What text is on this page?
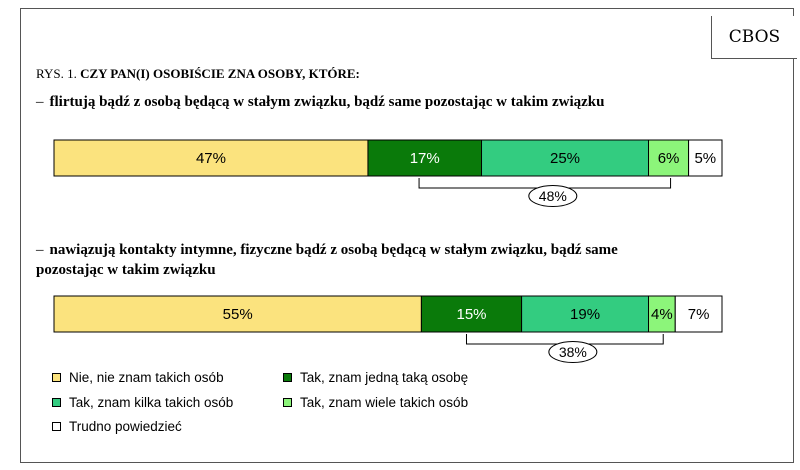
CBOS
RYS. 1. CZY PAN(I) OSOBIŚCIE ZNA OSOBY, KTÓRE:
– flirtują bądź z osobą będącą w stałym związku, bądź same pozostając w takim związku
– nawiązują kontakty intymne, fizyczne bądź z osobą będącą w stałym związku, bądź same
pozostając w takim związku
47%	17%	25%	6% 5%
48%
55%	15%	19%	4% 7%
38%
Nie, nie znam takich osób	Tak, znam jedną taką osobę
Tak, znam kilka takich osób	Tak, znam wiele takich osób
Trudno powiedzieć
